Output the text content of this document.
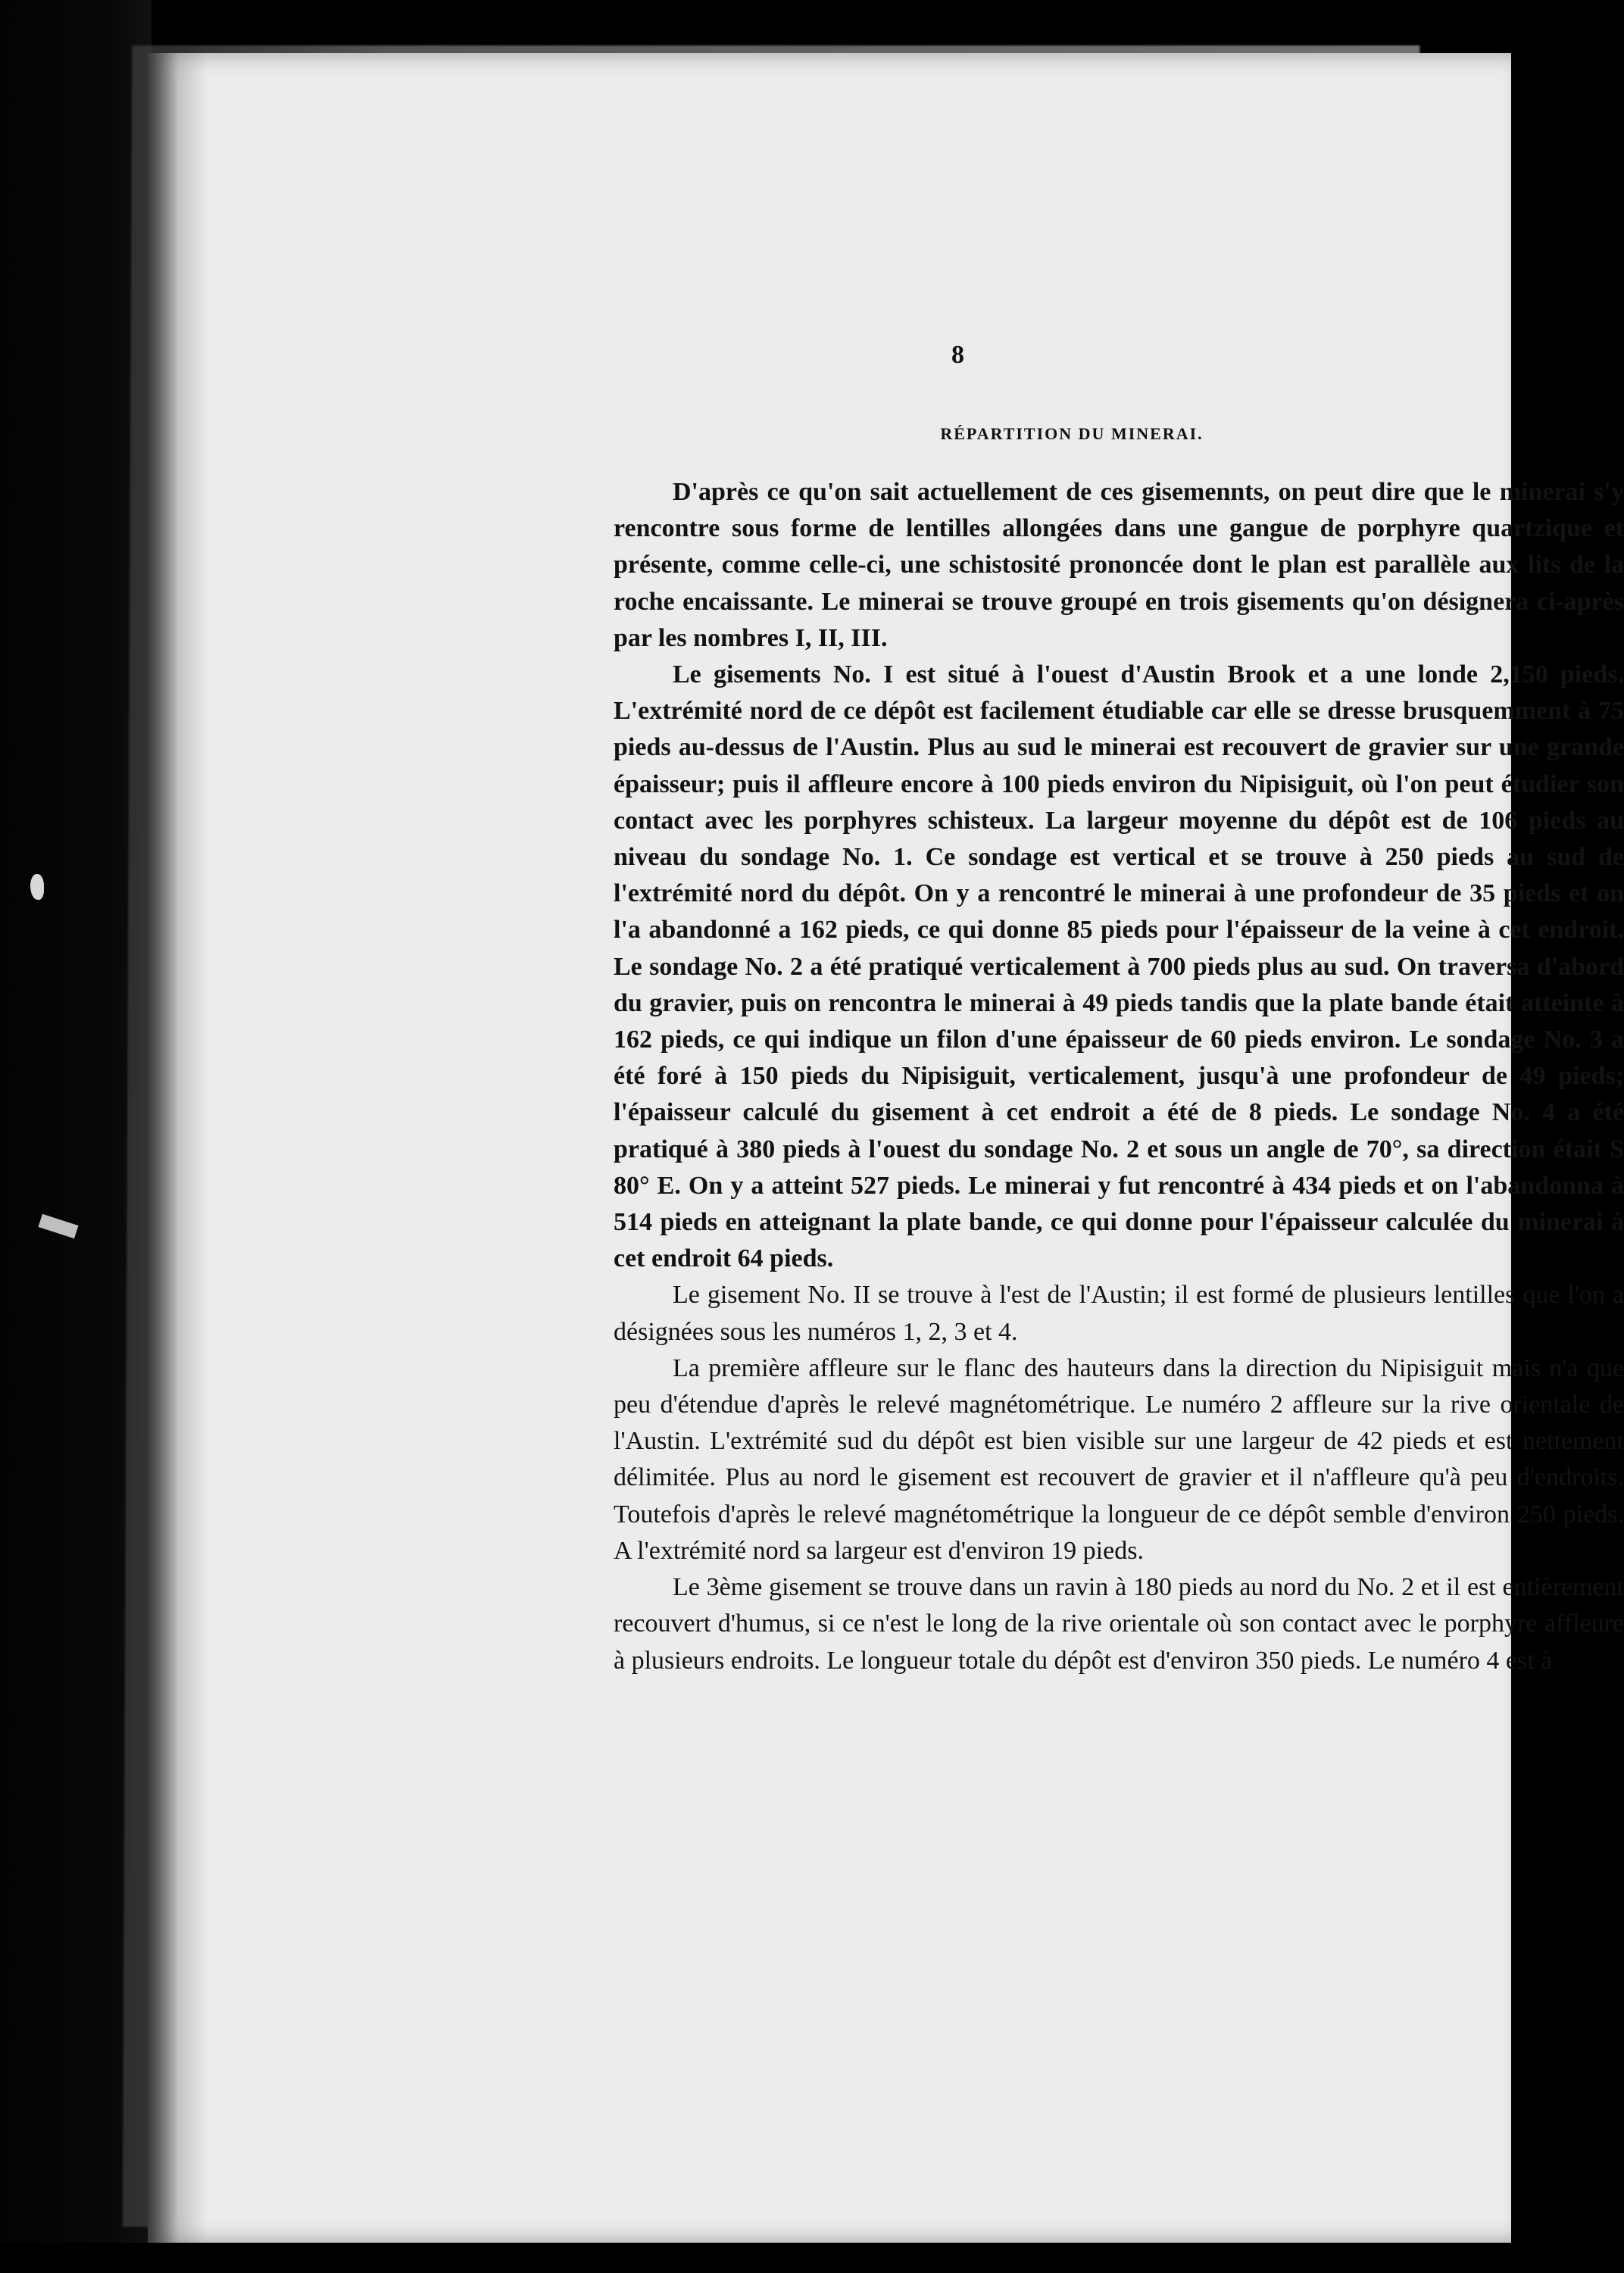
8
RÉPARTITION DU MINERAI.

D'après ce qu'on sait actuellement de ces gisemennts, on peut dire que le minerai s'y rencontre sous forme de lentilles allongées dans une gangue de porphyre quartzique et présente, comme celle-ci, une schistosité prononcée dont le plan est parallèle aux lits de la roche encaissante. Le minerai se trouve groupé en trois gisements qu'on désignera ci-après par les nombres I, II, III.

Le gisements No. I est situé à l'ouest d'Austin Brook et a une londe 2,150 pieds. L'extrémité nord de ce dépôt est facilement étudiable car elle se dresse brusquemment à 75 pieds au-dessus de l'Austin. Plus au sud le minerai est recouvert de gravier sur une grande épaisseur; puis il affleure encore à 100 pieds environ du Nipisiguit, où l'on peut étudier son contact avec les porphyres schisteux. La largeur moyenne du dépôt est de 106 pieds au niveau du sondage No. 1. Ce sondage est vertical et se trouve à 250 pieds au sud de l'extrémité nord du dépôt. On y a rencontré le minerai à une profondeur de 35 pieds et on l'a abandonné a 162 pieds, ce qui donne 85 pieds pour l'épaisseur de la veine à cet endroit. Le sondage No. 2 a été pratiqué verticalement à 700 pieds plus au sud. On traversa d'abord du gravier, puis on rencontra le minerai à 49 pieds tandis que la plate bande était atteinte à 162 pieds, ce qui indique un filon d'une épaisseur de 60 pieds environ. Le sondage No. 3 a été foré à 150 pieds du Nipisiguit, verticalement, jusqu'à une profondeur de 49 pieds; l'épaisseur calculé du gisement à cet endroit a été de 8 pieds. Le sondage No. 4 a été pratiqué à 380 pieds à l'ouest du sondage No. 2 et sous un angle de 70°, sa direction était S 80° E. On y a atteint 527 pieds. Le minerai y fut rencontré à 434 pieds et on l'abandonna à 514 pieds en atteignant la plate bande, ce qui donne pour l'épaisseur calculée du minerai à cet endroit 64 pieds.

Le gisement No. II se trouve à l'est de l'Austin; il est formé de plusieurs lentilles que l'on a désignées sous les numéros 1, 2, 3 et 4.

La première affleure sur le flanc des hauteurs dans la direction du Nipisiguit mais n'a que peu d'étendue d'après le relevé magnétométrique. Le numéro 2 affleure sur la rive orientale de l'Austin. L'extrémité sud du dépôt est bien visible sur une largeur de 42 pieds et est nettement délimitée. Plus au nord le gisement est recouvert de gravier et il n'affleure qu'à peu d'endroits. Toutefois d'après le relevé magnétométrique la longueur de ce dépôt semble d'environ 250 pieds. A l'extrémité nord sa largeur est d'environ 19 pieds.

Le 3ème gisement se trouve dans un ravin à 180 pieds au nord du No. 2 et il est entièrement recouvert d'humus, si ce n'est le long de la rive orientale où son contact avec le porphyre affleure à plusieurs endroits. Le longueur totale du dépôt est d'environ 350 pieds. Le numéro 4 est à
